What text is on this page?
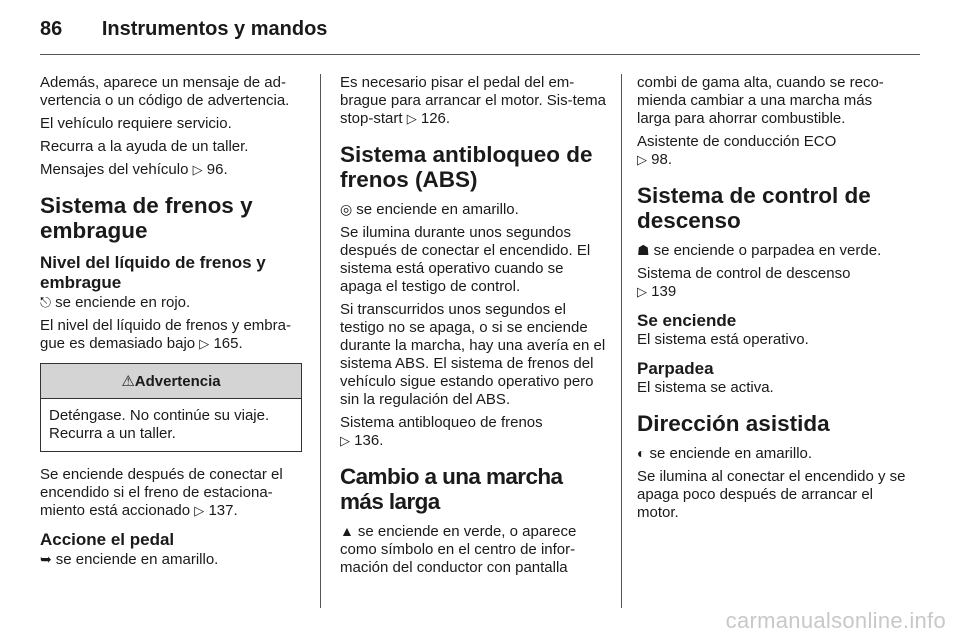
86 Instrumentos y mandos

Además, aparece un mensaje de ad-vertencia o un código de advertencia.

El vehículo requiere servicio.

Recurra a la ayuda de un taller.

Mensajes del vehículo ▷ 96.

Sistema de frenos y embrague
Nivel del líquido de frenos y embrague

⎋ se enciende en rojo.

El nivel del líquido de frenos y embra-gue es demasiado bajo ▷ 165.

⚠Advertencia
Deténgase. No continúe su viaje. Recurra a un taller.

Se enciende después de conectar el encendido si el freno de estaciona-miento está accionado ▷ 137.

Accione el pedal

➥ se enciende en amarillo.

Es necesario pisar el pedal del em-brague para arrancar el motor. Sis-tema stop-start ▷ 126.

Sistema antibloqueo de frenos (ABS)

◎ se enciende en amarillo.

Se ilumina durante unos segundos después de conectar el encendido. El sistema está operativo cuando se apaga el testigo de control.

Si transcurridos unos segundos el testigo no se apaga, o si se enciende durante la marcha, hay una avería en el sistema ABS. El sistema de frenos del vehículo sigue estando operativo pero sin la regulación del ABS.

Sistema antibloqueo de frenos
▷ 136.

Cambio a una marcha más larga

▲ se enciende en verde, o aparece como símbolo en el centro de infor-mación del conductor con pantalla

combi de gama alta, cuando se reco-mienda cambiar a una marcha más larga para ahorrar combustible.

Asistente de conducción ECO
▷ 98.

Sistema de control de descenso

☗ se enciende o parpadea en verde.

Sistema de control de descenso
▷ 139

Se enciende

El sistema está operativo.

Parpadea

El sistema se activa.

Dirección asistida

◐ se enciende en amarillo.

Se ilumina al conectar el encendido y se apaga poco después de arrancar el motor.

carmanualsonline.info
